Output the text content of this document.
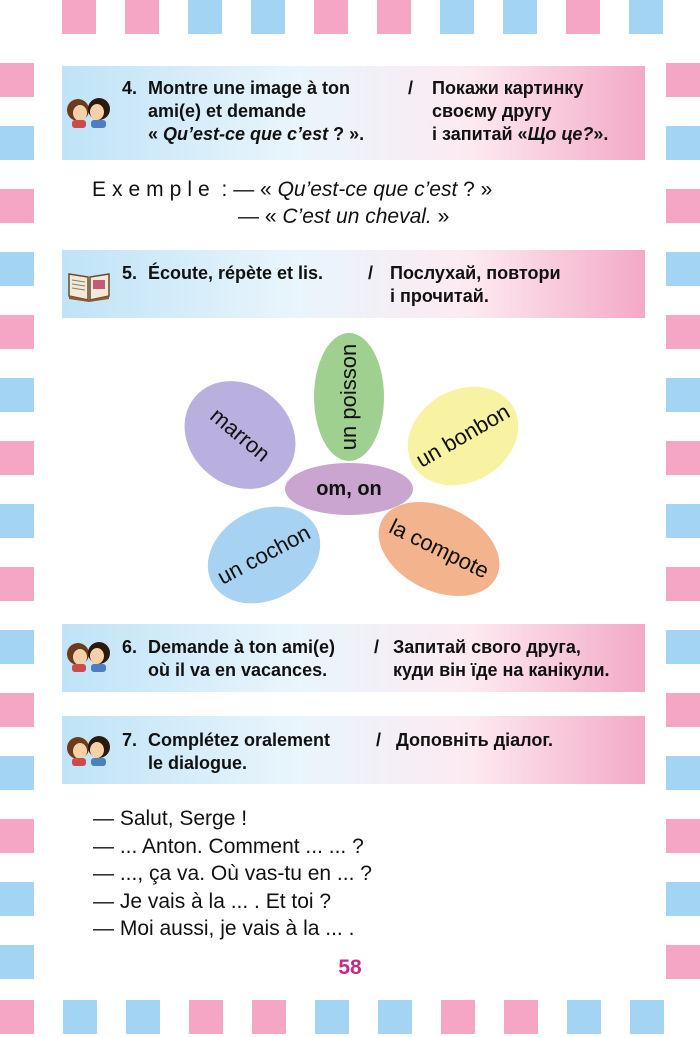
4. Montre une image à ton
ami(e) et demande
« Qu’est-ce que c’est ? ».
/ Покажи картинку
своєму другу
і запитай «Що це?».
Exemple : — « Qu’est-ce que c’est ? »
— « C’est un cheval. »
5. Écoute, répète et lis. / Послухай, повтори
і прочитай.
marron	un poisson un bonbon
un cochon	la compote
om, on
6. Demande à ton ami(e)
où il va en vacances.
/ Запитай свого друга,
куди він їде на канікули.
7. Complétez oralement
le dialogue.
/ Доповніть діалог.
— Salut, Serge !
— ... Anton. Comment ... ... ?
— ..., ça va. Où vas-tu en ... ?
— Je vais à la ... . Et toi ?
— Moi aussi, je vais à la ... .
58
